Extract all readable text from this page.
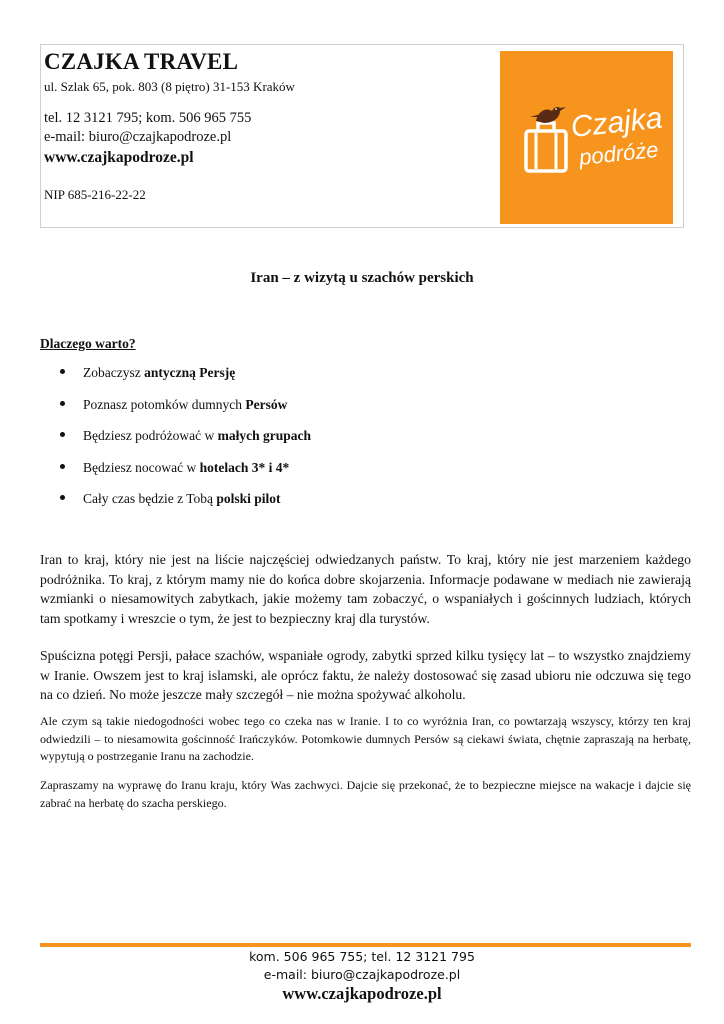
CZAJKA TRAVEL
ul. Szlak 65, pok. 803 (8 piętro) 31-153 Kraków
tel. 12 3121 795; kom. 506 965 755
e-mail: biuro@czajkapodroze.pl
www.czajkapodroze.pl
NIP 685-216-22-22
Czajka
podróże
Iran – z wizytą u szachów perskich
Dlaczego warto?
Zobaczysz antyczną Persję
Poznasz potomków dumnych Persów
Będziesz podróżować w małych grupach
Będziesz nocować w hotelach 3* i 4*
Cały czas będzie z Tobą polski pilot

Iran to kraj, który nie jest na liście najczęściej odwiedzanych państw. To kraj, który nie jest marzeniem każdego podróżnika. To kraj, z którym mamy nie do końca dobre skojarzenia. Informacje podawane w mediach nie zawierają wzmianki o niesamowitych zabytkach, jakie możemy tam zobaczyć, o wspaniałych i gościnnych ludziach, których tam spotkamy i wreszcie o tym, że jest to bezpieczny kraj dla turystów.

Spuścizna potęgi Persji, pałace szachów, wspaniałe ogrody, zabytki sprzed kilku tysięcy lat – to wszystko znajdziemy w Iranie. Owszem jest to kraj islamski, ale oprócz faktu, że należy dostosować się zasad ubioru nie odczuwa się tego na co dzień. No może jeszcze mały szczegół – nie można spożywać alkoholu.

Ale czym są takie niedogodności wobec tego co czeka nas w Iranie. I to co wyróżnia Iran, co powtarzają wszyscy, którzy ten kraj odwiedzili – to niesamowita gościnność Irańczyków. Potomkowie dumnych Persów są ciekawi świata, chętnie zapraszają na herbatę, wypytują o postrzeganie Iranu na zachodzie.

Zapraszamy na wyprawę do Iranu kraju, który Was zachwyci. Dajcie się przekonać, że to bezpieczne miejsce na wakacje i dajcie się zabrać na herbatę do szacha perskiego.

kom. 506 965 755; tel. 12 3121 795
e-mail: biuro@czajkapodroze.pl
www.czajkapodroze.pl
